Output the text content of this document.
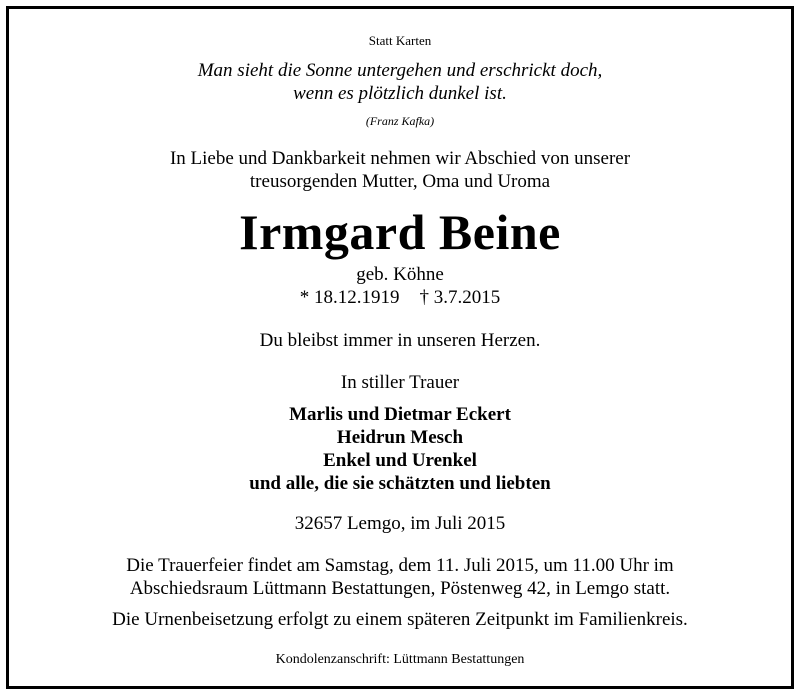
Statt Karten
Man sieht die Sonne untergehen und erschrickt doch,
wenn es plötzlich dunkel ist.
(Franz Kafka)
In Liebe und Dankbarkeit nehmen wir Abschied von unserer
treusorgenden Mutter, Oma und Uroma
Irmgard Beine
geb. Köhne
* 18.12.1919 † 3.7.2015
Du bleibst immer in unseren Herzen.
In stiller Trauer
Marlis und Dietmar Eckert
Heidrun Mesch
Enkel und Urenkel
und alle, die sie schätzten und liebten
32657 Lemgo, im Juli 2015
Die Trauerfeier findet am Samstag, dem 11. Juli 2015, um 11.00 Uhr im
Abschiedsraum Lüttmann Bestattungen, Pöstenweg 42, in Lemgo statt.
Die Urnenbeisetzung erfolgt zu einem späteren Zeitpunkt im Familienkreis.
Kondolenzanschrift: Lüttmann Bestattungen
